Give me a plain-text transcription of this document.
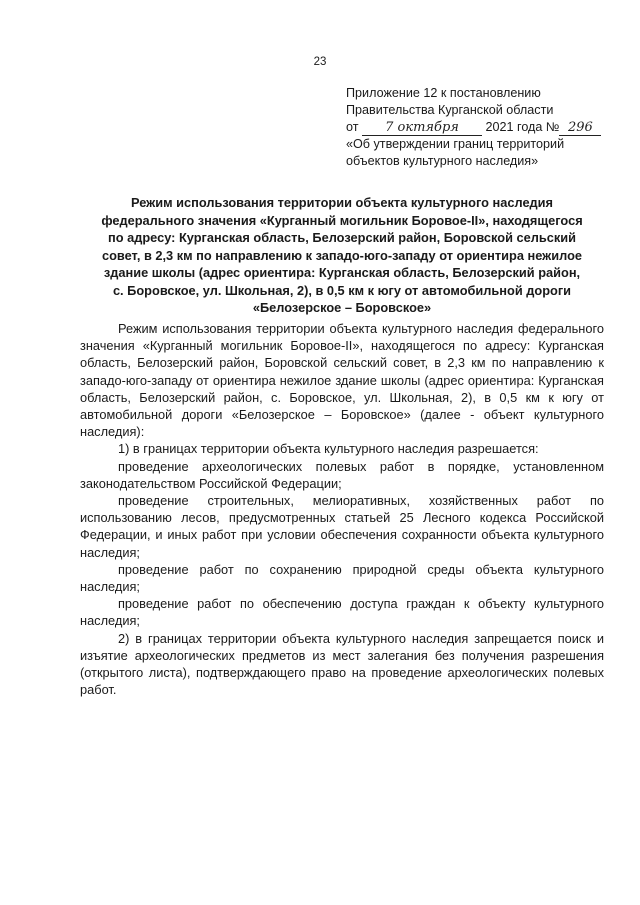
23
Приложение 12 к постановлению
Правительства Курганской области
от 7 октября 2021 года № 296
«Об утверждении границ территорий
объектов культурного наследия»
Режим использования территории объекта культурного наследия
федерального значения «Курганный могильник Боровое-II», находящегося
по адресу: Курганская область, Белозерский район, Боровской сельский
совет, в 2,3 км по направлению к западо-юго-западу от ориентира нежилое
здание школы (адрес ориентира: Курганская область, Белозерский район,
с. Боровское, ул. Школьная, 2), в 0,5 км к югу от автомобильной дороги
«Белозерское – Боровское»

Режим использования территории объекта культурного наследия федерального значения «Курганный могильник Боровое-II», находящегося по адресу: Курганская область, Белозерский район, Боровской сельский совет, в 2,3 км по направлению к западо-юго-западу от ориентира нежилое здание школы (адрес ориентира: Курганская область, Белозерский район, с. Боровское, ул. Школьная, 2), в 0,5 км к югу от автомобильной дороги «Белозерское – Боровское» (далее - объект культурного наследия):

1) в границах территории объекта культурного наследия разрешается:

проведение археологических полевых работ в порядке, установленном законодательством Российской Федерации;

проведение строительных, мелиоративных, хозяйственных работ по использованию лесов, предусмотренных статьей 25 Лесного кодекса Российской Федерации, и иных работ при условии обеспечения сохранности объекта культурного наследия;

проведение работ по сохранению природной среды объекта культурного наследия;

проведение работ по обеспечению доступа граждан к объекту культурного наследия;

2) в границах территории объекта культурного наследия запрещается поиск и изъятие археологических предметов из мест залегания без получения разрешения (открытого листа), подтверждающего право на проведение археологических полевых работ.
